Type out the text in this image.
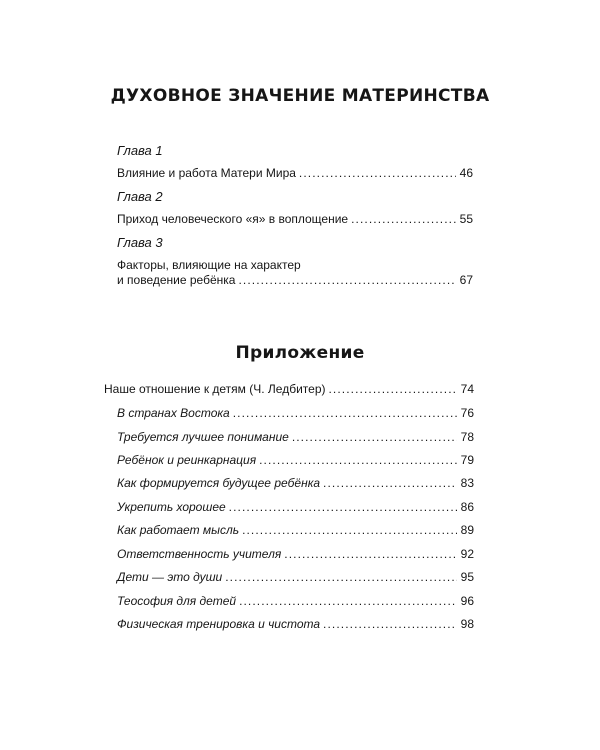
ДУХОВНОЕ ЗНАЧЕНИЕ МАТЕРИНСТВА
Глава 1
Влияние и работа Матери Мира .....	46
Глава 2
Приход человеческого «я» в воплощение .....	55
Глава 3
Факторы, влияющие на характер
и поведение ребёнка .....	67
Приложение
Наше отношение к детям (Ч. Ледбитер) .....	74
В странах Востока .....	76
Требуется лучшее понимание .....	78
Ребёнок и реинкарнация .....	79
Как формируется будущее ребёнка .....	83
Укрепить хорошее .....	86
Как работает мысль .....	89
Ответственность учителя .....	92
Дети — это души .....	95
Теософия для детей .....	96
Физическая тренировка и чистота .....	98
